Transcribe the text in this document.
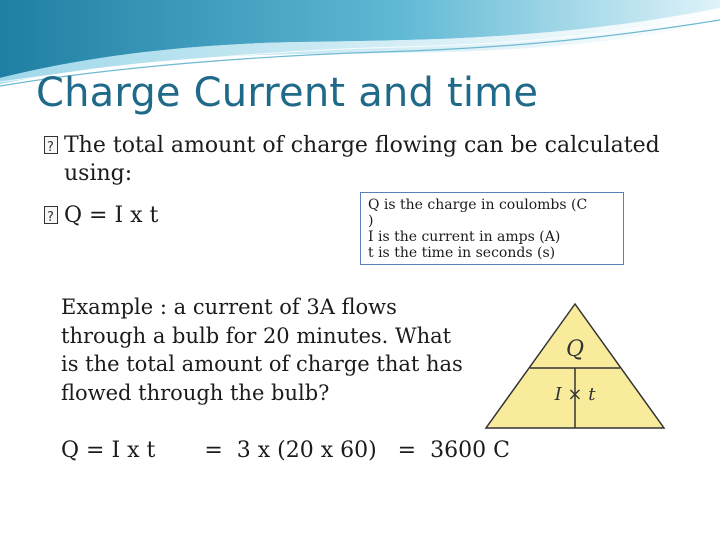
Charge Current and time
?The total amount of charge flowing can be calculated using:
?Q = I x t	Q is the charge in coulombs (C
)
I is the current in amps (A)
t is the time in seconds (s)
Example : a current of 3A flows
through a bulb for 20 minutes. What
is the total amount of charge that has
flowed through the bulb?
Q
I × t
Q = I x t       =  3 x (20 x 60)   =  3600 C
